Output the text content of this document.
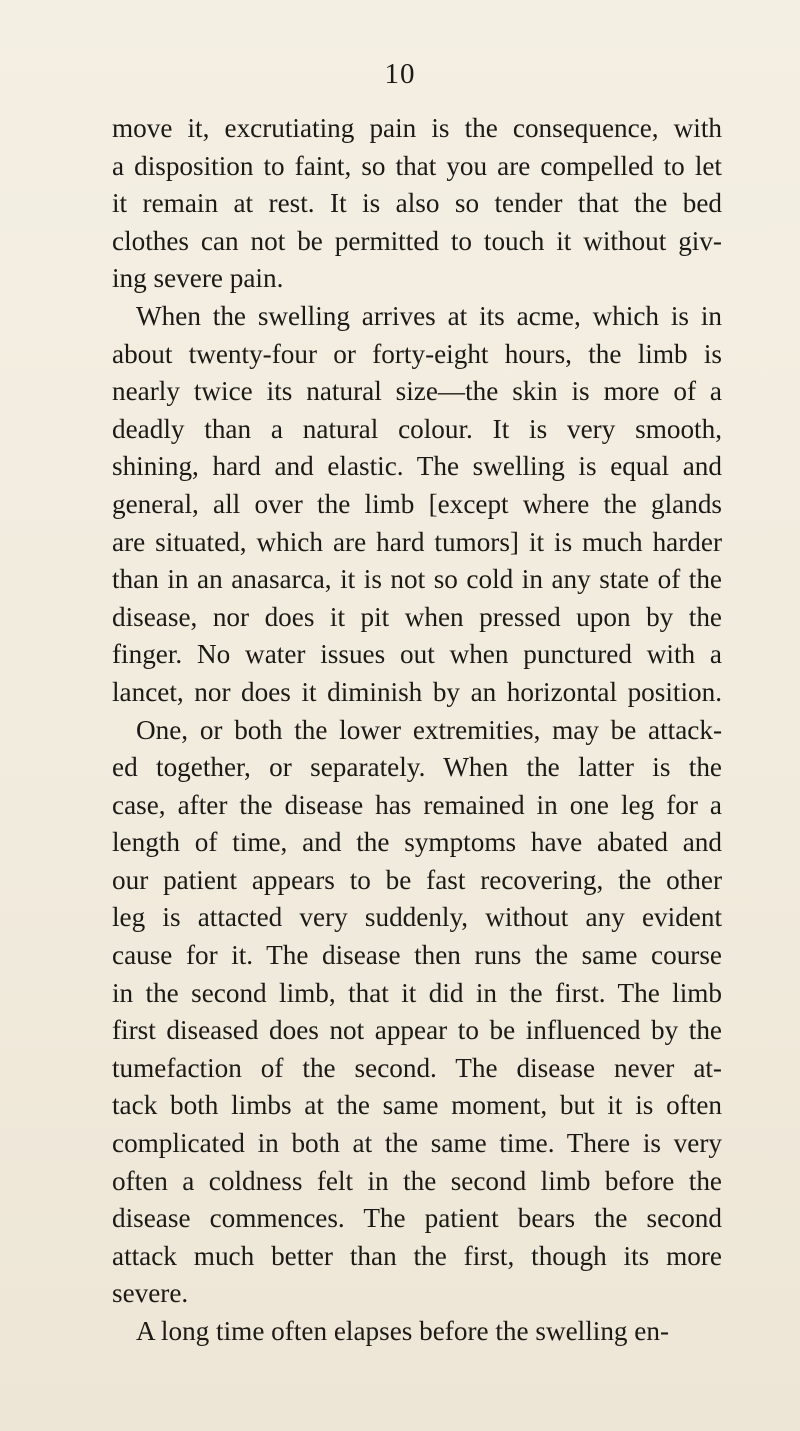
10
move it, excrutiating pain is the consequence, with
a disposition to faint, so that you are compelled to let
it remain at rest. It is also so tender that the bed
clothes can not be permitted to touch it without giv-
ing severe pain.
When the swelling arrives at its acme, which is in
about twenty-four or forty-eight hours, the limb is
nearly twice its natural size—the skin is more of a
deadly than a natural colour. It is very smooth,
shining, hard and elastic. The swelling is equal and
general, all over the limb [except where the glands
are situated, which are hard tumors] it is much harder
than in an anasarca, it is not so cold in any state of the
disease, nor does it pit when pressed upon by the
finger. No water issues out when punctured with a
lancet, nor does it diminish by an horizontal position.
One, or both the lower extremities, may be attack-
ed together, or separately. When the latter is the
case, after the disease has remained in one leg for a
length of time, and the symptoms have abated and
our patient appears to be fast recovering, the other
leg is attacted very suddenly, without any evident
cause for it. The disease then runs the same course
in the second limb, that it did in the first. The limb
first diseased does not appear to be influenced by the
tumefaction of the second. The disease never at-
tack both limbs at the same moment, but it is often
complicated in both at the same time. There is very
often a coldness felt in the second limb before the
disease commences. The patient bears the second
attack much better than the first, though its more
severe.
A long time often elapses before the swelling en-
